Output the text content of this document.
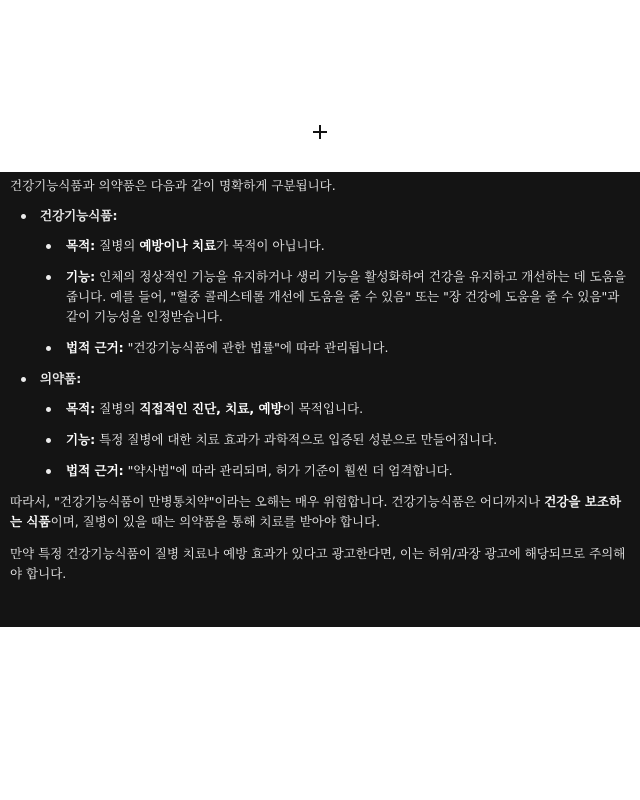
건강기능식품과 의약품은 다음과 같이 명확하게 구분됩니다.

건강기능식품:
목적: 질병의 예방이나 치료가 목적이 아닙니다.
기능: 인체의 정상적인 기능을 유지하거나 생리 기능을 활성화하여 건강을 유지하고 개선하는 데 도움을 줍니다. 예를 들어, "혈중 콜레스테롤 개선에 도움을 줄 수 있음" 또는 "장 건강에 도움을 줄 수 있음"과 같이 기능성을 인정받습니다.
법적 근거: "건강기능식품에 관한 법률"에 따라 관리됩니다.
의약품:
목적: 질병의 직접적인 진단, 치료, 예방이 목적입니다.
기능: 특정 질병에 대한 치료 효과가 과학적으로 입증된 성분으로 만들어집니다.
법적 근거: "약사법"에 따라 관리되며, 허가 기준이 훨씬 더 엄격합니다.

따라서, "건강기능식품이 만병통치약"이라는 오해는 매우 위험합니다. 건강기능식품은 어디까지나 건강을 보조하는 식품이며, 질병이 있을 때는 의약품을 통해 치료를 받아야 합니다.

만약 특정 건강기능식품이 질병 치료나 예방 효과가 있다고 광고한다면, 이는 허위/과장 광고에 해당되므로 주의해야 합니다.
